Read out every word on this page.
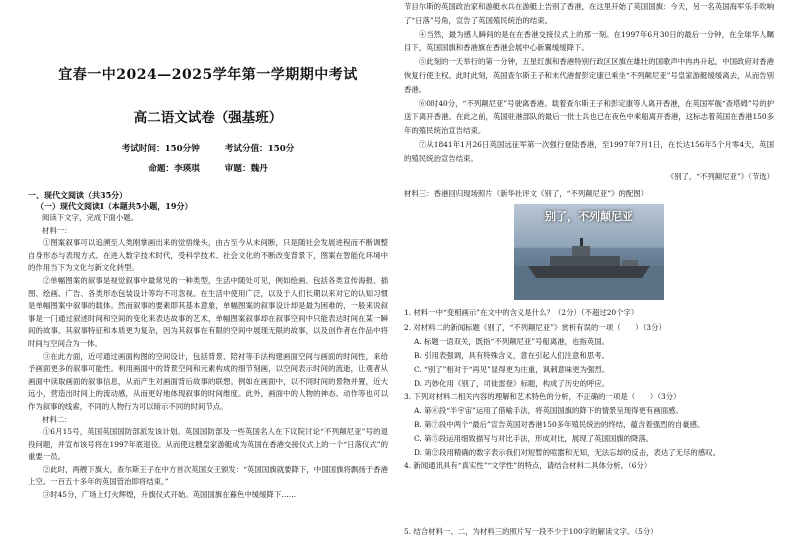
宜春一中2024—2025学年第一学期期中考试
高二语文试卷（强基班）
考试时间：150分钟	考试分值：150分
命题：李瑛琪	审题：魏丹
一、现代文阅读（共35分）
（一）现代文阅读Ⅰ（本题共5小题，19分）

阅读下文字，完成下面小题。

材料一：

①图案叙事可以追溯至人类刚掌画出来的觉悟缘头，由古至今从未间断，只是随社会发展进程而不断调整自身形态与表现方式。在进入数字技术时代，受科学技术、社会文化的不断改变背景下，图案在智能化环境中的作用当下为文化与新文化转型。

②单幅图案的叙事是视觉叙事中最常见的一种类型，生活中随处可见，例如绘画、包括各类宣传海报、插图、绘画、广告、各类形态包装设计等均不可忽视。在生活中使用广泛，以及于人们长期以来对它的认知习惯是单幅图案中叙事的载体。然而叙事的要素即其基本意象，单幅图案的叙事设计却是最为困难的，一般来说叙事是一门通过叙述时间和空间的变化来表达故事的艺术，单幅图案叙事却在叙事空间中只能表达时间在某一瞬间的故事。其叙事特征和本质更为复杂，因为其叙事在有限的空间中展现无限的故事，以及创作者在作品中将时间与空间合为一体。

③在此方面，近可通过画面构图的空间设计，包括背景、陪衬等手法构建画面空间与画面的时间性，来给予画面更多的叙事可能性。利用画面中的背景空间和元素构成的细节刻画，以空间表示时间的流逝，让观者从画面中读取画面的叙事信息，从而产生对画面背后故事的联想。例如在画面中，以不同时间的景物并置，近大远小，营造出时间上的流动感，从而更好地体现叙事的时间维度。此外，画面中的人物的神态、动作等也可以作为叙事的线索，不同的人物行为可以暗示不同的时间节点。

材料二：

①6月15号，英国英国国防部派发该计划。英国国防部及一些英国名人在下议院讨论“不列颠尼亚”号的退役问题，并宣布该号将在1997年底退役。从而使这艘皇家游艇成为英国在香港交接仪式上的一个“日落仪式”的重要一员。

②此时，两艘下旗大，查尔斯王子在中方首次英国女王颁发：“英国国旗就要降下，中国国旗将飘扬于香港上空。一百五十多年的英国管治即将结束。”

③时45分，广场上灯火辉煌，升旗仪式开始。英国国旗在暮色中缓缓降下……

节目尔斯的英国政治家和游艇水兵在游艇上告别了香港，在这里开始了英国国旗：今天，另一名英国海军乐手吹响了“日落”号角，宣告了英国殖民统治的结束。

④当然，最为感人瞬间的是在在香港交接仪式上的那一刻。在1997年6月30日的最后一分钟，在全球华人瞩目下，英国国旗和香港旗在香港会展中心新翼缓缓降下。

⑤此刻的一天举行的第一分钟，五星红旗和香港特别行政区区旗在雄壮的国歌声中冉冉升起，中国政府对香港恢复行使主权。此时此刻，英国查尔斯王子和末代港督彭定康已乘坐“不列颠尼亚”号皇家游艇缓缓离去，从而告别香港。

⑥0时40分，“不列颠尼亚”号驶离香港。载着查尔斯王子和彭定康等人离开香港，在英国军舰“查塔姆”号的护送下离开香港。在此之前，英国驻港部队的最后一批士兵也已在夜色中乘船离开香港，这标志着英国在香港150多年的殖民统治宣告结束。

⑦从1841年1月26日英国远征军第一次强行登陆香港，至1997年7月1日，在长达156年5个月零4天，英国的殖民统治宣告结束。

《别了，“不列颠尼亚”》（节选）
材料三：香港回归现场照片（新华社评文《别了，“不列颠尼亚”》的配图）
别了，不列颠尼亚

1. 材料一中“变相画示”在文中的含义是什么？（2分）（不超过20个字）

2. 对材料二的新闻标题《别了，“不列颠尼亚”》赏析有误的一项（　　）（3分）

A. 标题一语双关，既指“不列颠尼亚”号船离港，也指英国。

B. 引用表强调，具有特殊含义，意在引起人们注意和思考。

C. “别了”相对于“再见”显得更为庄重，讽刺意味更为强烈。

D. 巧妙化用《别了，司徒雷登》标题，构成了历史的呼应。

3. 下列对材料二相关内容的理解和艺术特色的分析，不正确的一项是（　　）（3分）

A. 第⑥段“半宇宙”运用了借喻手法，将英国国旗的降下的情景呈现得更有画面感。

B. 第⑦段中两个“最后”宣告英国对香港150多年殖民统治的终结，蕴含着强烈的自豪感。

C. 第⑤段运用细致描写与对比手法，形成对比，展现了英国国旗的降落。

D. 第②段用精确的数字表示我们对短暂的喧嚣和无知，无法忘却的反击，表达了无尽的感叹。

4. 新闻通讯具有“真实性”“文学性”的特点，请结合材料二具体分析。（6分）

5. 结合材料一、二，为材料三的照片写一段不少于100字的解读文字。（5分）
